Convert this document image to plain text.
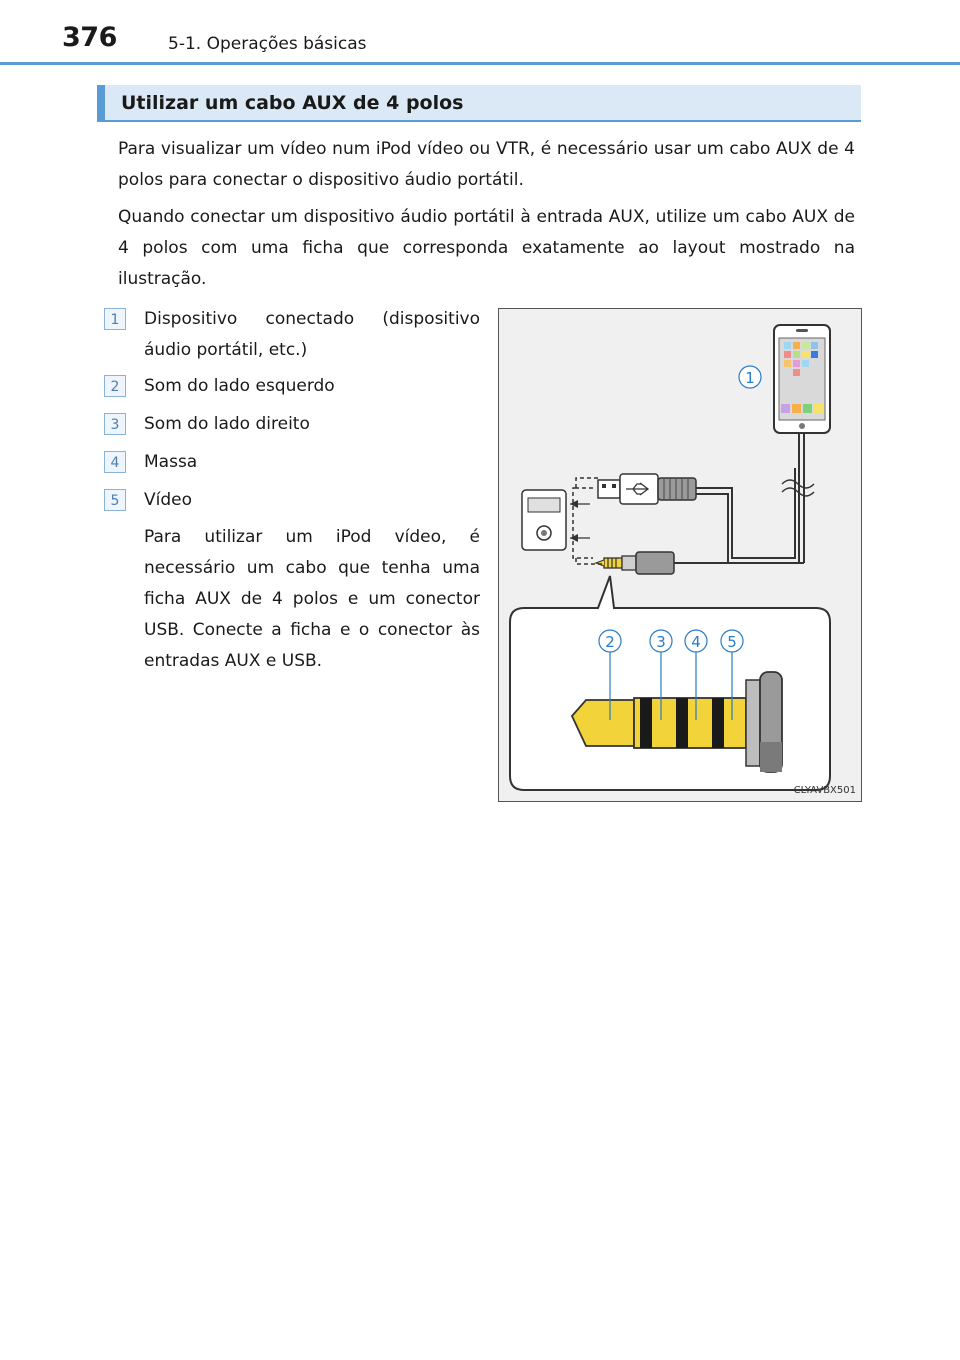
376	5-1. Operações básicas
Utilizar um cabo AUX de 4 polos
Para visualizar um vídeo num iPod vídeo ou VTR, é necessário usar um cabo AUX de 4 polos para conectar o dispositivo áudio portátil.
Quando conectar um dispositivo áudio portátil à entrada AUX, utilize um cabo AUX de 4 polos com uma ficha que corresponda exatamente ao layout mostrado na ilustração.
1	Dispositivo conectado (dispositivo áudio portátil, etc.)
2	Som do lado esquerdo
3	Som do lado direito
4	Massa
5	Vídeo
Para utilizar um iPod vídeo, é necessário um cabo que tenha uma ficha AUX de 4 polos e um conector USB. Conecte a ficha e o conector às entradas AUX e USB.
1
2	3 4 5
CLYAVBX501
